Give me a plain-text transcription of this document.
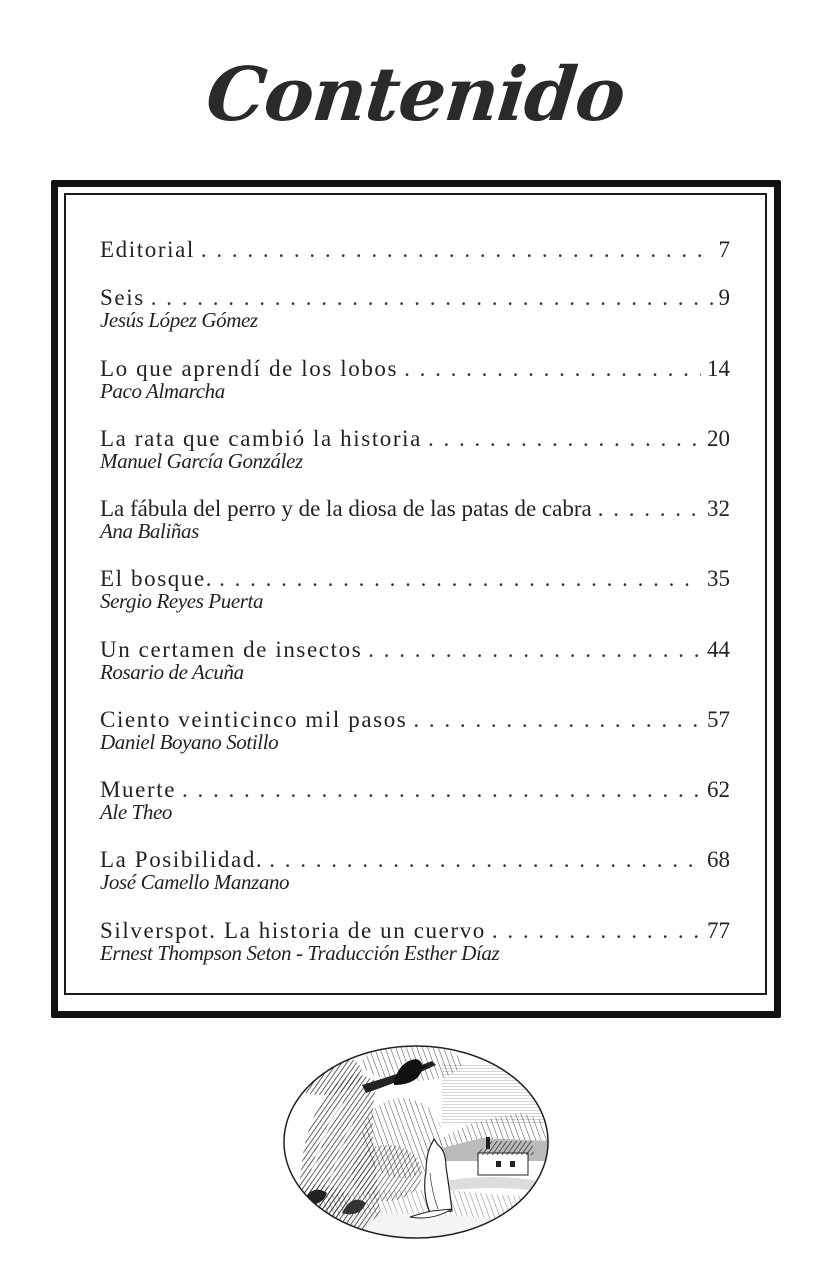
Contenido
Editorial . . .	7
Seis . . .	9
Jesús López Gómez
Lo que aprendí de los lobos . . .	14
Paco Almarcha
La rata que cambió la historia . . .	20
Manuel García González
La fábula del perro y de la diosa de las patas de cabra . . .	32
Ana Baliñas
El bosque. . . .	35
Sergio Reyes Puerta
Un certamen de insectos . . .	44
Rosario de Acuña
Ciento veinticinco mil pasos . . .	57
Daniel Boyano Sotillo
Muerte . . .	62
Ale Theo
La Posibilidad. . . .	68
José Camello Manzano
Silverspot. La historia de un cuervo . . .	77
Ernest Thompson Seton - Traducción Esther Díaz
